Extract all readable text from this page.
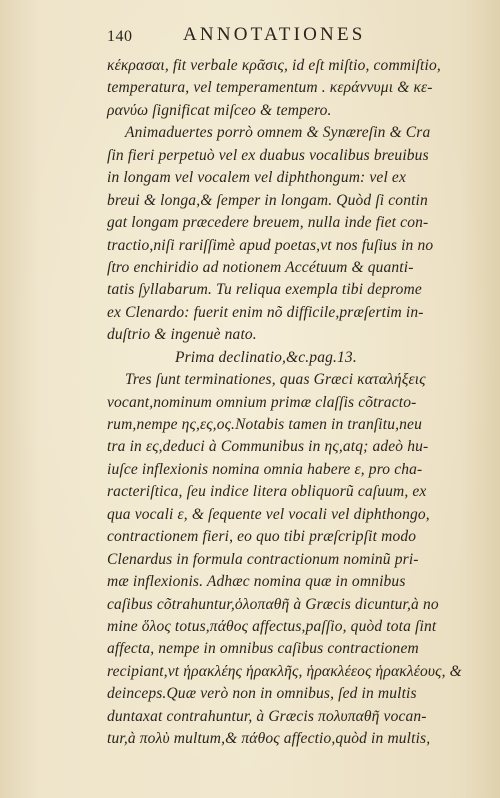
140	ANNOTATIONES
κέκρασαι, fit verbale κρᾶσις, id eſt miſtio, commiſtio,
temperatura, vel temperamentum . κεράννυμι & κε-
ρανύω ſignificat miſceo & tempero.
Animaduertes porrò omnem & Synæreſin & Cra
ſin fieri perpetuò vel ex duabus vocalibus breuibus
in longam vel vocalem vel diphthongum: vel ex
breui & longa,& ſemper in longam. Quòd ſi contin
gat longam præcedere breuem, nulla inde fiet con-
tractio,niſi rariſſimè apud poetas,vt nos fuſius in no
ſtro enchiridio ad notionem Accétuum & quanti-
tatis ſyllabarum. Tu reliqua exempla tibi deprome
ex Clenardo: fuerit enim nõ difficile,præſertim in-
duſtrio & ingenuè nato.
Prima declinatio,&c.pag.13.
Tres ſunt terminationes, quas Græci καταλήξεις
vocant,nominum omnium primæ claſſis cõtracto-
rum,nempe ης,ες,ος.Notabis tamen in tranſitu,neu
tra in ες,deduci à Communibus in ης,atq; adeò hu-
iuſce inflexionis nomina omnia habere ε, pro cha-
racteriſtica, ſeu indice litera obliquorũ caſuum, ex
qua vocali ε, & ſequente vel vocali vel diphthongo,
contractionem fieri, eo quo tibi præſcripſit modo
Clenardus in formula contractionum nominũ pri-
mæ inflexionis. Adhæc nomina quæ in omnibus
caſibus cõtrahuntur,ὁλοπαθῆ à Græcis dicuntur,à no
mine ὅλος totus,πάθος affectus,paſſio, quòd tota ſint
affecta, nempe in omnibus caſibus contractionem
recipiant,vt ἡρακλέης ἡρακλῆς, ἡρακλέεος ἡρακλέους, &
deinceps.Quæ verò non in omnibus, ſed in multis
duntaxat contrahuntur, à Græcis πολυπαθῆ vocan-
tur,à πολὺ multum,& πάθος affectio,quòd in multis,
